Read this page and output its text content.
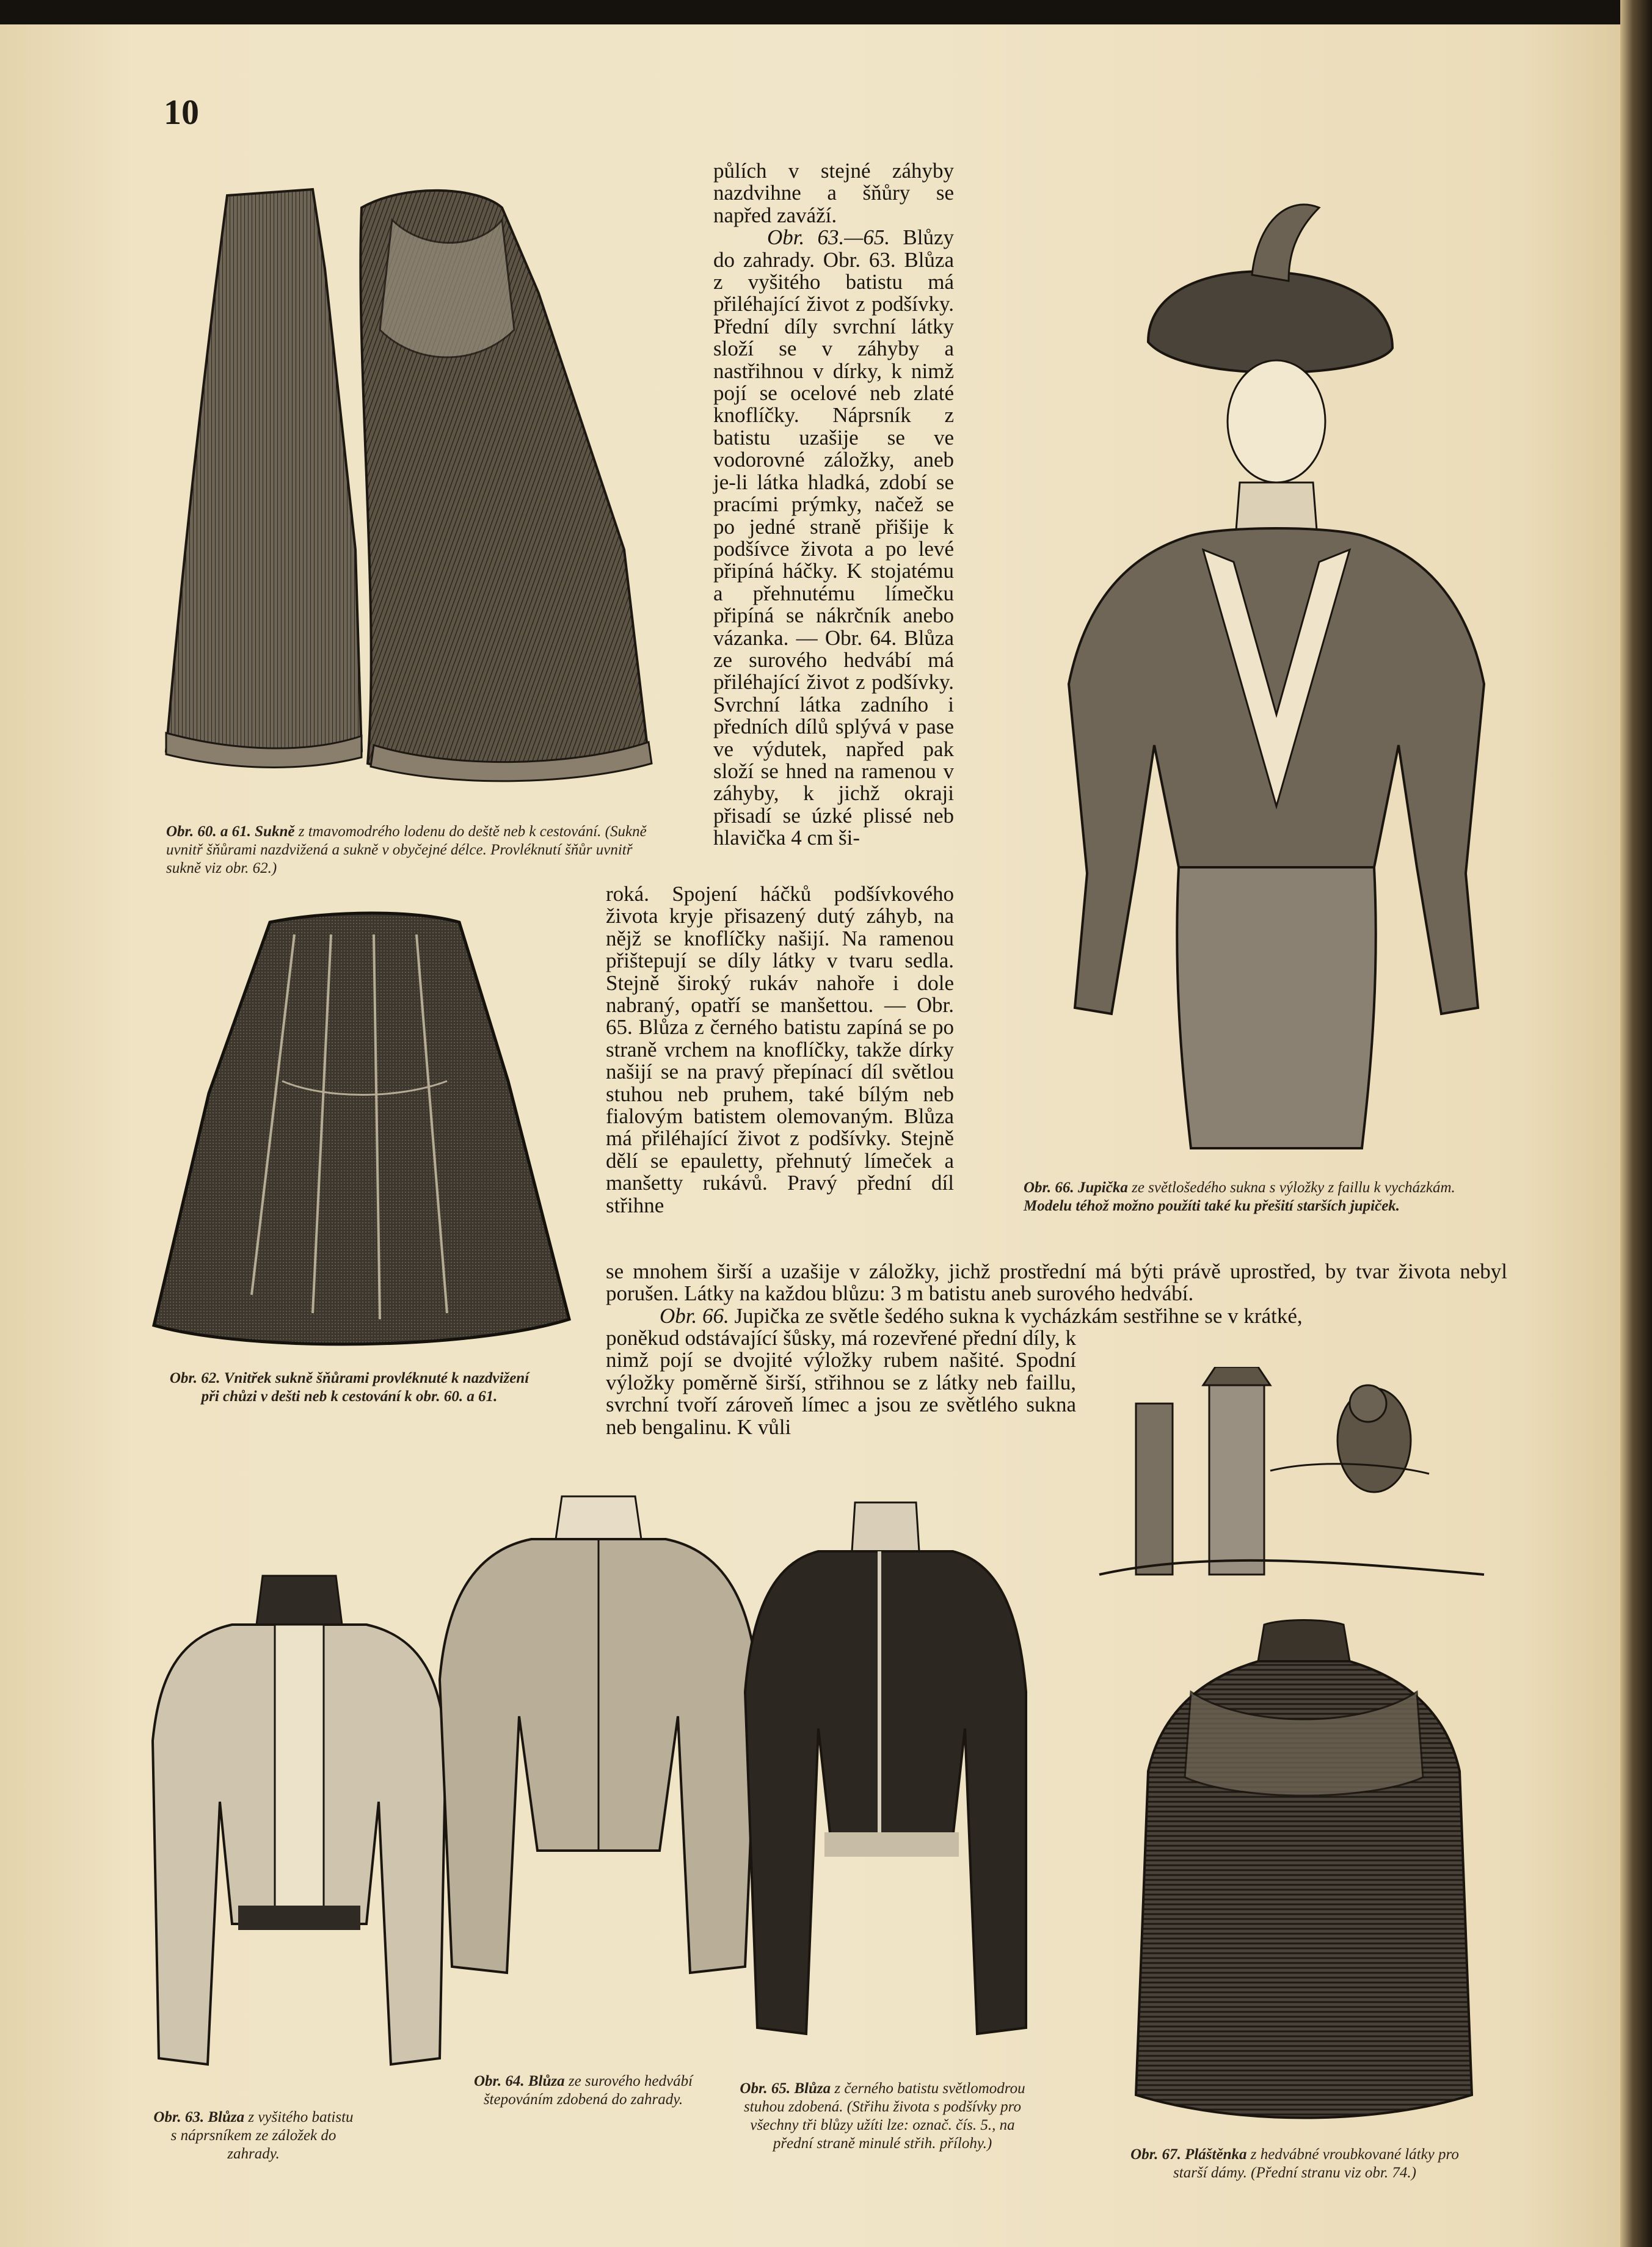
10
Obr. 60. a 61. Sukně z tmavomodrého lodenu do deště neb k cestování. (Sukně uvnitř šňůrami nazdvižená a sukně v obyčejné délce. Provléknutí šňůr uvnitř sukně viz obr. 62.)
Obr. 62. Vnitřek sukně šňůrami provléknuté k nazdvižení při chůzi v dešti neb k cestování k obr. 60. a 61.
Obr. 66. Jupička ze světlošedého sukna s výložky z faillu k vycházkám. Modelu téhož možno použíti také ku přešití starších jupiček.
Obr. 63. Blůza z vyšitého batistu s náprsníkem ze záložek do zahrady.
Obr. 64. Blůza ze surového hedvábí štepováním zdobená do zahrady.
Obr. 65. Blůza z černého batistu světlomodrou stuhou zdobená. (Střihu života s podšívky pro všechny tři blůzy užíti lze: označ. čís. 5., na přední straně minulé střih. přílohy.)
Obr. 67. Pláštěnka z hedvábné vroubkované látky pro starší dámy. (Přední stranu viz obr. 74.)

půlích v stejné záhyby nazdvihne a šňůry se napřed zaváží.

Obr. 63.—65. Blůzy do zahrady. Obr. 63. Blůza z vyšitého batistu má přiléhající život z podšívky. Přední díly svrchní látky složí se v záhyby a nastřihnou v dírky, k nimž pojí se ocelové neb zlaté knoflíčky. Náprsník z batistu uzašije se ve vodorovné záložky, aneb je-li látka hladká, zdobí se pracími prýmky, načež se po jedné straně přišije k podšívce života a po levé připíná háčky. K stojatému a přehnutému límečku připíná se nákrčník anebo vázanka. — Obr. 64. Blůza ze surového hedvábí má přiléhající život z podšívky. Svrchní látka zadního i předních dílů splývá v pase ve výdutek, napřed pak složí se hned na ramenou v záhyby, k jichž okraji přisadí se úzké plissé neb hlavička 4 cm ši-

roká. Spojení háčků podšívkového života kryje přisazený dutý záhyb, na nějž se knoflíčky našijí. Na ramenou přištepují se díly látky v tvaru sedla. Stejně široký rukáv nahoře i dole nabraný, opatří se manšettou. — Obr. 65. Blůza z černého batistu zapíná se po straně vrchem na knoflíčky, takže dírky našijí se na pravý přepínací díl světlou stuhou neb pruhem, také bílým neb fialovým batistem olemovaným. Blůza má přiléhající život z podšívky. Stejně dělí se epauletty, přehnutý límeček a manšetty rukávů. Pravý přední díl střihne

se mnohem širší a uzašije v záložky, jichž prostřední má býti právě uprostřed, by tvar života nebyl porušen. Látky na každou blůzu: 3 m batistu aneb surového hedvábí.

Obr. 66. Jupička ze světle šedého sukna k vycházkám sestřihne se v krátké,

poněkud odstávající šůsky, má rozevřené přední díly, k nimž pojí se dvojité výložky rubem našité. Spodní výložky poměrně širší, střihnou se z látky neb faillu, svrchní tvoří zároveň límec a jsou ze světlého sukna neb bengalinu. K vůli
